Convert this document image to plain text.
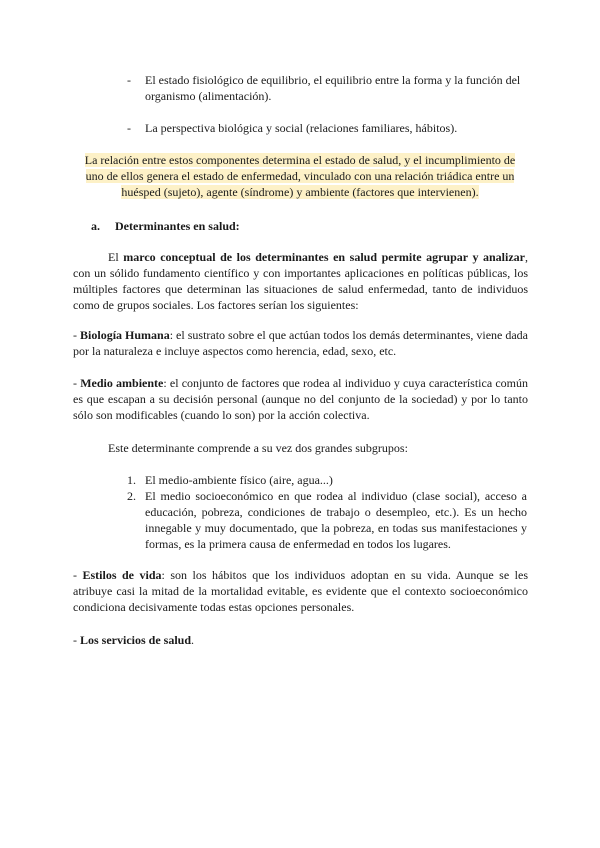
- El estado fisiológico de equilibrio, el equilibrio entre la forma y la función del organismo (alimentación).
- La perspectiva biológica y social (relaciones familiares, hábitos).
La relación entre estos componentes determina el estado de salud, y el incumplimiento de uno de ellos genera el estado de enfermedad, vinculado con una relación triádica entre un huésped (sujeto), agente (síndrome) y ambiente (factores que intervienen).
a. Determinantes en salud:
El marco conceptual de los determinantes en salud permite agrupar y analizar, con un sólido fundamento científico y con importantes aplicaciones en políticas públicas, los múltiples factores que determinan las situaciones de salud enfermedad, tanto de individuos como de grupos sociales. Los factores serían los siguientes:
- Biología Humana: el sustrato sobre el que actúan todos los demás determinantes, viene dada por la naturaleza e incluye aspectos como herencia, edad, sexo, etc.
- Medio ambiente: el conjunto de factores que rodea al individuo y cuya característica común es que escapan a su decisión personal (aunque no del conjunto de la sociedad) y por lo tanto sólo son modificables (cuando lo son) por la acción colectiva.
Este determinante comprende a su vez dos grandes subgrupos:
1. El medio-ambiente físico (aire, agua...)
2. El medio socioeconómico en que rodea al individuo (clase social), acceso a educación, pobreza, condiciones de trabajo o desempleo, etc.). Es un hecho innegable y muy documentado, que la pobreza, en todas sus manifestaciones y formas, es la primera causa de enfermedad en todos los lugares.
- Estilos de vida: son los hábitos que los individuos adoptan en su vida. Aunque se les atribuye casi la mitad de la mortalidad evitable, es evidente que el contexto socioeconómico condiciona decisivamente todas estas opciones personales.
- Los servicios de salud.
